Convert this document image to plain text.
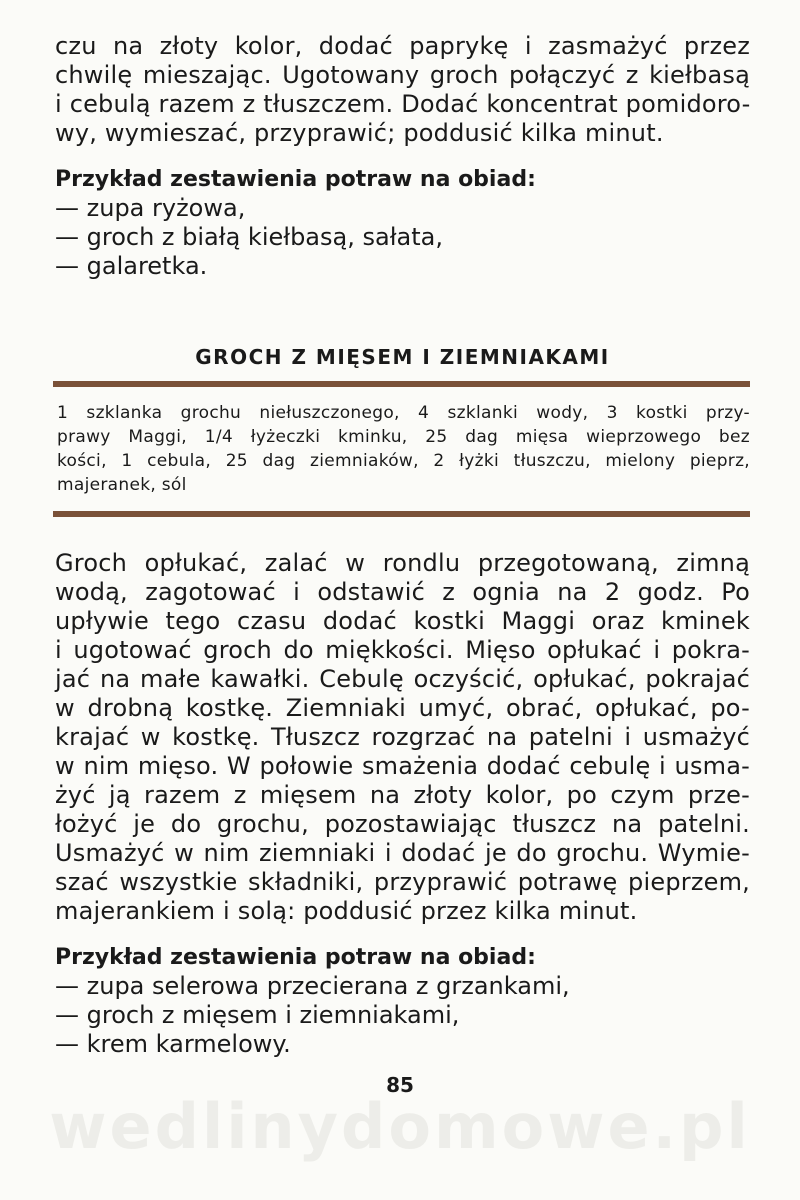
czu na złoty kolor, dodać paprykę i zasmażyć przez
chwilę mieszając. Ugotowany groch połączyć z kiełbasą
i cebulą razem z tłuszczem. Dodać koncentrat pomidoro-
wy, wymieszać, przyprawić; poddusić kilka minut.
Przykład zestawienia potraw na obiad:
— zupa ryżowa,
— groch z białą kiełbasą, sałata,
— galaretka.
GROCH Z MIĘSEM I ZIEMNIAKAMI
1 szklanka grochu niełuszczonego, 4 szklanki wody, 3 kostki przy-
prawy Maggi, 1/4 łyżeczki kminku, 25 dag mięsa wieprzowego bez
kości, 1 cebula, 25 dag ziemniaków, 2 łyżki tłuszczu, mielony pieprz,
majeranek, sól
Groch opłukać, zalać w rondlu przegotowaną, zimną
wodą, zagotować i odstawić z ognia na 2 godz. Po
upływie tego czasu dodać kostki Maggi oraz kminek
i ugotować groch do miękkości. Mięso opłukać i pokra-
jać na małe kawałki. Cebulę oczyścić, opłukać, pokrajać
w drobną kostkę. Ziemniaki umyć, obrać, opłukać, po-
krajać w kostkę. Tłuszcz rozgrzać na patelni i usmażyć
w nim mięso. W połowie smażenia dodać cebulę i usma-
żyć ją razem z mięsem na złoty kolor, po czym prze-
łożyć je do grochu, pozostawiając tłuszcz na patelni.
Usmażyć w nim ziemniaki i dodać je do grochu. Wymie-
szać wszystkie składniki, przyprawić potrawę pieprzem,
majerankiem i solą: poddusić przez kilka minut.
Przykład zestawienia potraw na obiad:
— zupa selerowa przecierana z grzankami,
— groch z mięsem i ziemniakami,
— krem karmelowy.
wedlinydomowe.pl
85
